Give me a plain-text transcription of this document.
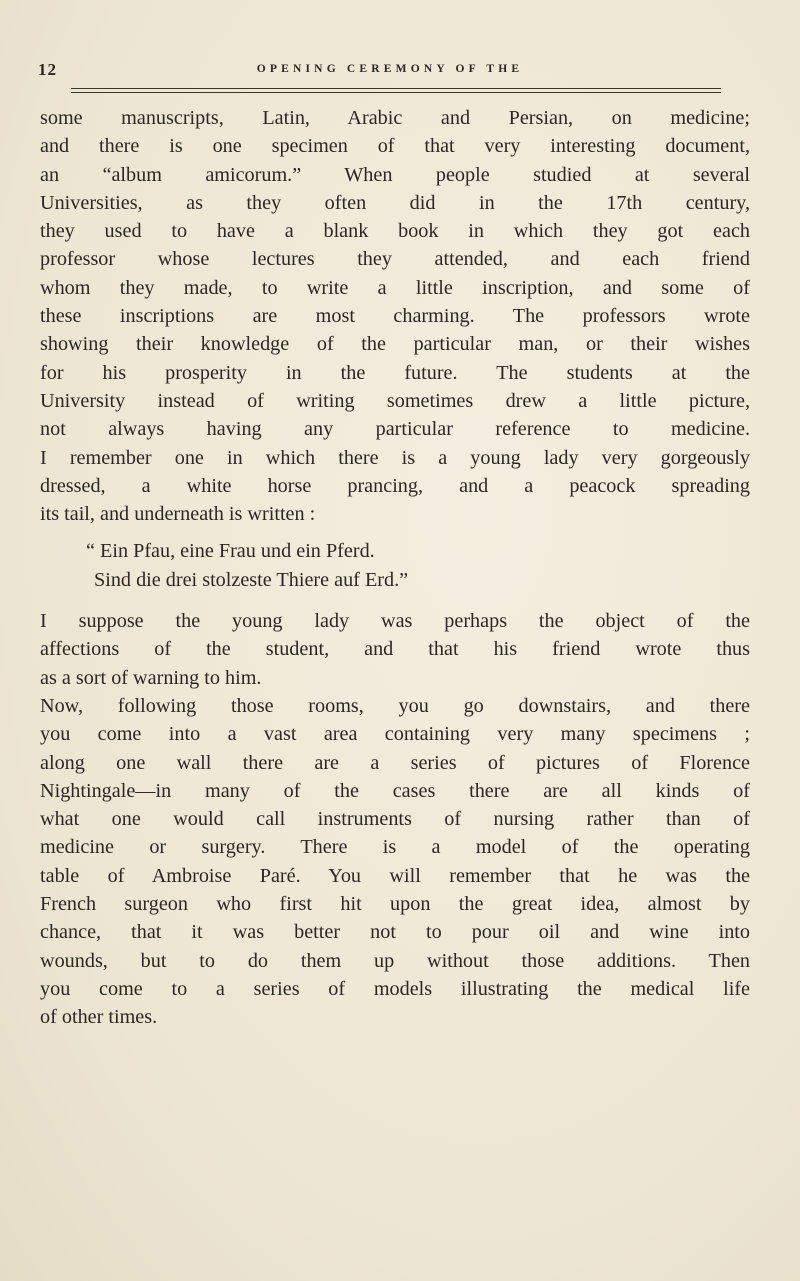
12	OPENING CEREMONY OF THE

some manuscripts, Latin, Arabic and Persian, on medicine;
and there is one specimen of that very interesting document,
an “album amicorum.” When people studied at several
Universities, as they often did in the 17th century,
they used to have a blank book in which they got each
professor whose lectures they attended, and each friend
whom they made, to write a little inscription, and some of
these inscriptions are most charming. The professors wrote
showing their knowledge of the particular man, or their wishes
for his prosperity in the future. The students at the
University instead of writing sometimes drew a little picture,
not always having any particular reference to medicine.
I remember one in which there is a young lady very gorgeously
dressed, a white horse prancing, and a peacock spreading
its tail, and underneath is written :

“ Ein Pfau, eine Frau und ein Pferd.
Sind die drei stolzeste Thiere auf Erd.”

I suppose the young lady was perhaps the object of the
affections of the student, and that his friend wrote thus
as a sort of warning to him.

Now, following those rooms, you go downstairs, and there
you come into a vast area containing very many specimens ;
along one wall there are a series of pictures of Florence
Nightingale—in many of the cases there are all kinds of
what one would call instruments of nursing rather than of
medicine or surgery. There is a model of the operating
table of Ambroise Paré. You will remember that he was the
French surgeon who first hit upon the great idea, almost by
chance, that it was better not to pour oil and wine into
wounds, but to do them up without those additions. Then
you come to a series of models illustrating the medical life
of other times.
